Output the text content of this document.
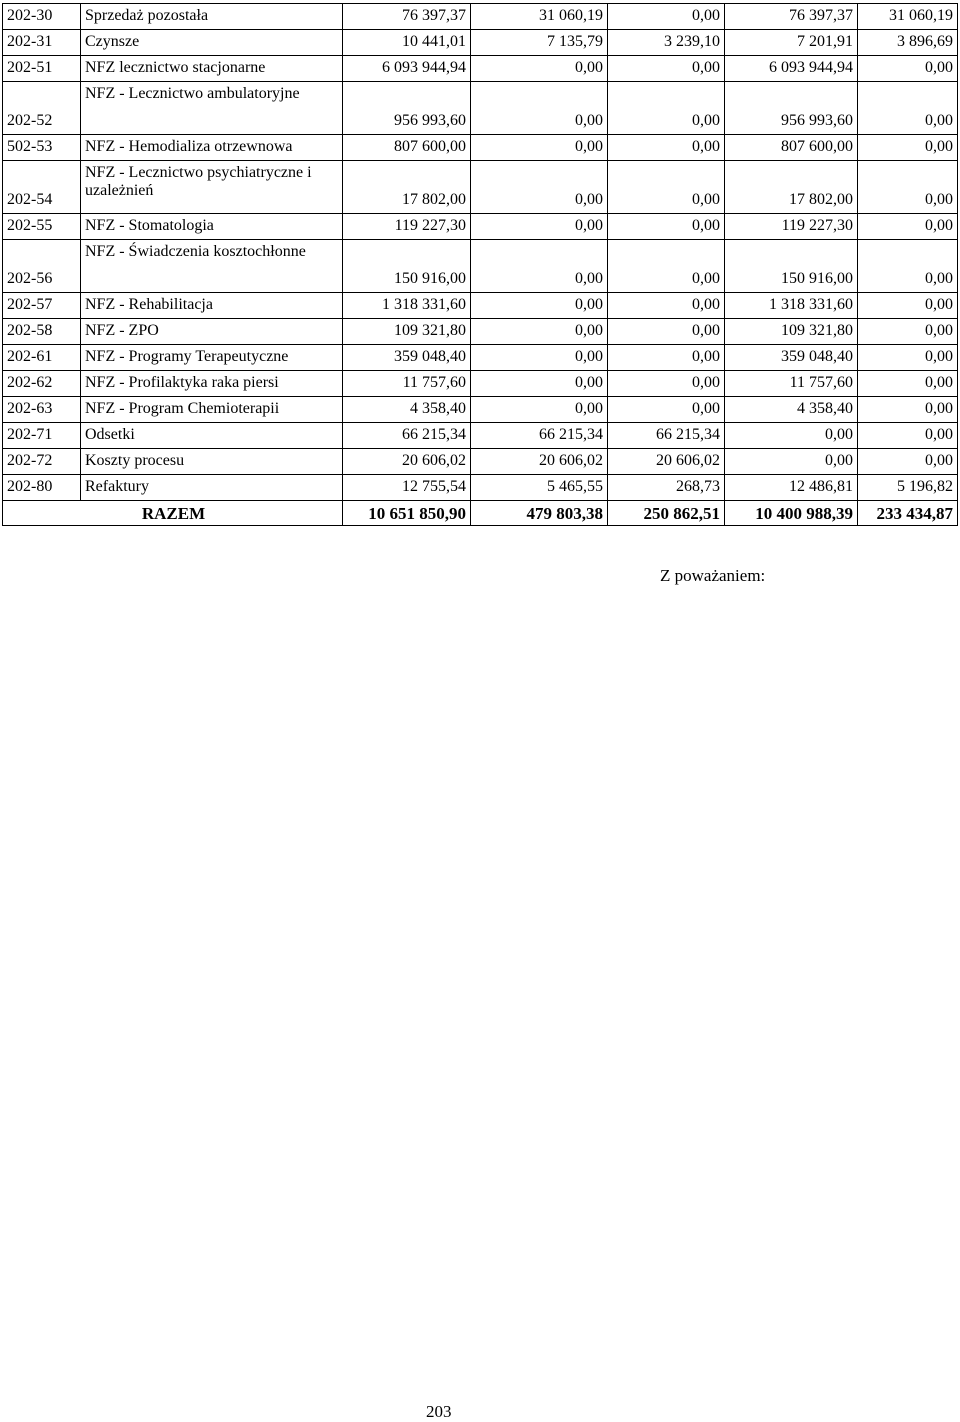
202-30	Sprzedaż pozostała	76 397,37	31 060,19	0,00	76 397,37	31 060,19
202-31	Czynsze	10 441,01	7 135,79	3 239,10	7 201,91	3 896,69
202-51	NFZ lecznictwo stacjonarne	6 093 944,94	0,00	0,00	6 093 944,94	0,00
202-52	NFZ - Lecznictwo ambulatoryjne	956 993,60	0,00	0,00	956 993,60	0,00
502-53	NFZ - Hemodializa otrzewnowa	807 600,00	0,00	0,00	807 600,00	0,00
202-54	NFZ - Lecznictwo psychiatryczne i uzależnień	17 802,00	0,00	0,00	17 802,00	0,00
202-55	NFZ - Stomatologia	119 227,30	0,00	0,00	119 227,30	0,00
202-56	NFZ - Świadczenia kosztochłonne	150 916,00	0,00	0,00	150 916,00	0,00
202-57	NFZ - Rehabilitacja	1 318 331,60	0,00	0,00	1 318 331,60	0,00
202-58	NFZ - ZPO	109 321,80	0,00	0,00	109 321,80	0,00
202-61	NFZ - Programy Terapeutyczne	359 048,40	0,00	0,00	359 048,40	0,00
202-62	NFZ - Profilaktyka raka piersi	11 757,60	0,00	0,00	11 757,60	0,00
202-63	NFZ - Program Chemioterapii	4 358,40	0,00	0,00	4 358,40	0,00
202-71	Odsetki	66 215,34	66 215,34	66 215,34	0,00	0,00
202-72	Koszty procesu	20 606,02	20 606,02	20 606,02	0,00	0,00
202-80	Refaktury	12 755,54	5 465,55	268,73	12 486,81	5 196,82
RAZEM		10 651 850,90	479 803,38	250 862,51	10 400 988,39	233 434,87
Z poważaniem:
203
